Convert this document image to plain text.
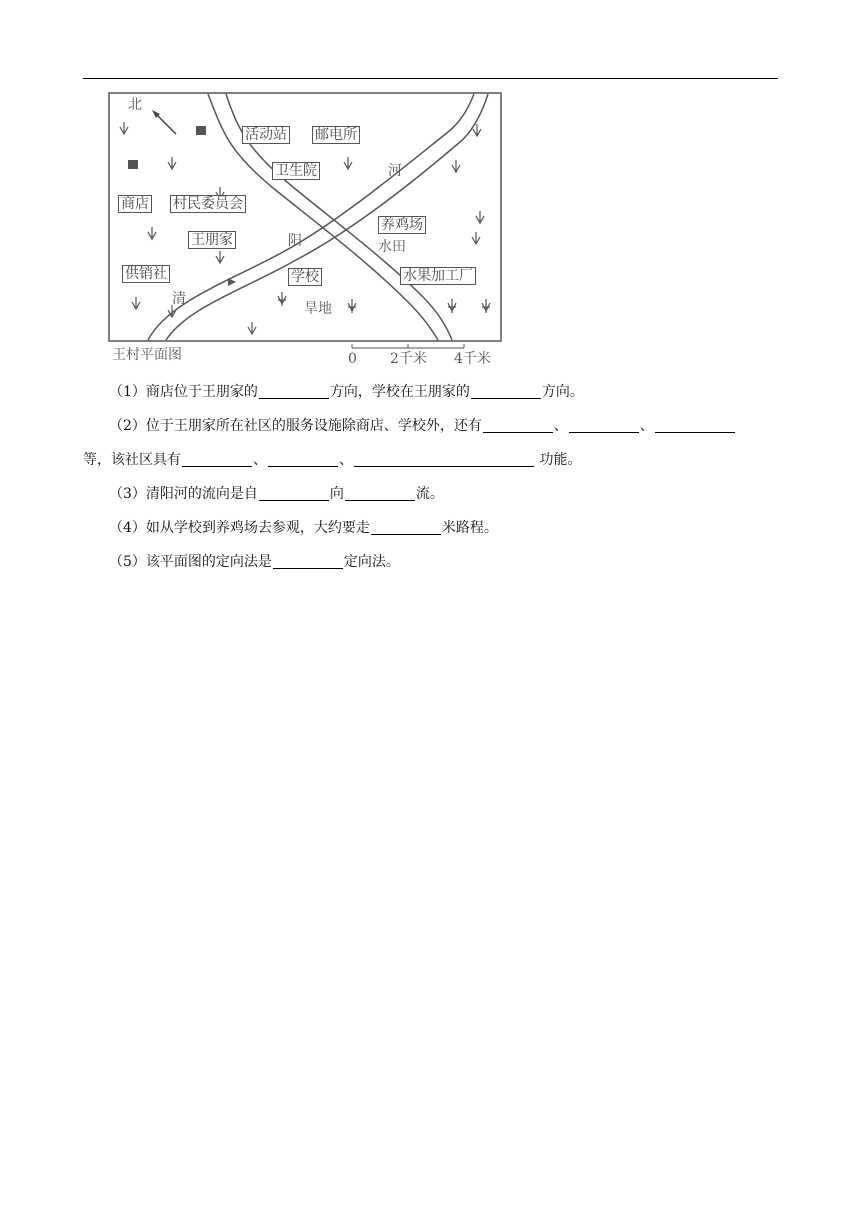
北
活动站 邮电所
卫生院	河
商店 村民委员会
养鸡场
王朋家	阳	水田
供销社	学校	水果加工厂
清
旱地
王村平面图	0 2千米 4千米
（1）商店位于王朋家的	方向，学校在王朋家的	方向。
（2）位于王朋家所在社区的服务设施除商店、学校外，还有	、	、
等，该社区具有	、	、	功能。
（3）清阳河的流向是自	向	流。
（4）如从学校到养鸡场去参观，大约要走	米路程。
（5）该平面图的定向法是	定向法。
